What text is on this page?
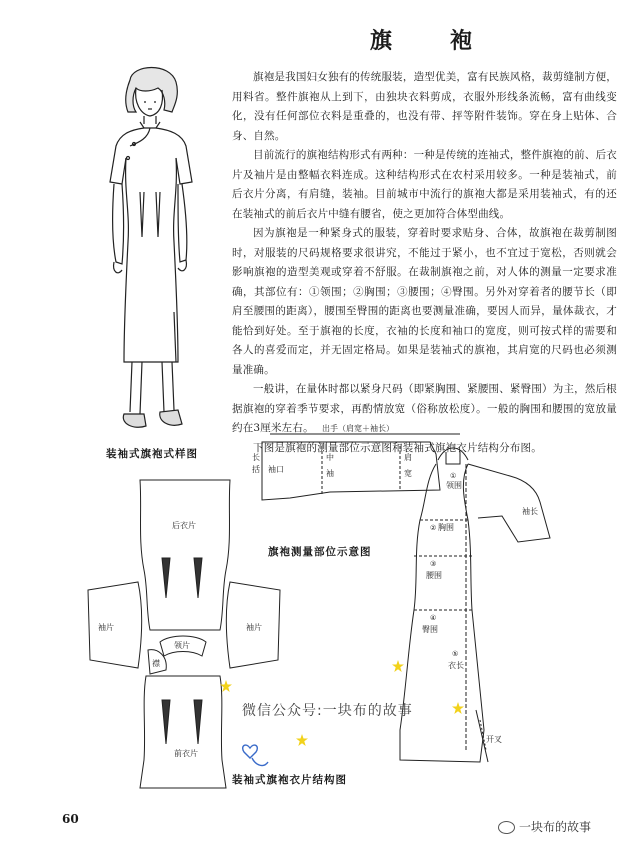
旗　袍

旗袍是我国妇女独有的传统服装，造型优美，富有民族风格，裁剪缝制方便，用料省。整件旗袍从上到下，由独块衣料剪成，衣服外形线条流畅，富有曲线变化，没有任何部位衣料是重叠的，也没有带、抨等附件装饰。穿在身上贴体、合身、自然。

目前流行的旗袍结构形式有两种：一种是传统的连袖式，整件旗袍的前、后衣片及袖片是由整幅衣料连成。这种结构形式在农村采用较多。一种是装袖式，前后衣片分离，有肩缝，装袖。目前城市中流行的旗袍大都是采用装袖式，有的还在装袖式的前后衣片中缝有腰省，使之更加符合体型曲线。

因为旗袍是一种紧身式的服装，穿着时要求贴身、合体，故旗袍在裁剪制图时，对服装的尺码规格要求很讲究，不能过于紧小，也不宜过于宽松，否则就会影响旗袍的造型美观或穿着不舒服。在裁制旗袍之前，对人体的测量一定要求准确，其部位有：①领围；②胸围；③腰围；④臀围。另外对穿着者的腰节长（即肩至腰围的距离），腰围至臀围的距离也要测量准确，要因人而异，量体裁衣，才能恰到好处。至于旗袍的长度，衣袖的长度和袖口的宽度，则可按式样的需要和各人的喜爱而定，并无固定格局。如果是装袖式的旗袍，其肩宽的尺码也必须测量准确。

一般讲，在量体时都以紧身尺码（即紧胸围、紧腰围、紧臀围）为主，然后根据旗袍的穿着季节要求，再酌情放宽（俗称放松度）。一般的胸围和腰围的宽放量约在3厘米左右。

下图是旗袍的测量部位示意图和装袖式旗袍衣片结构分布图。

装袖式旗袍式样图
出手（肩宽＋袖长）
长
括 袖口
中
袖
肩
宽	①
领围
② 胸围
③
腰围
④
臀围
⑤
衣长
袖长
开叉
旗袍测量部位示意图
后衣片
袖片	袖片
领片
襟
前衣片
装袖式旗袍衣片结构图
微信公众号:一块布的故事
60
一块布的故事
